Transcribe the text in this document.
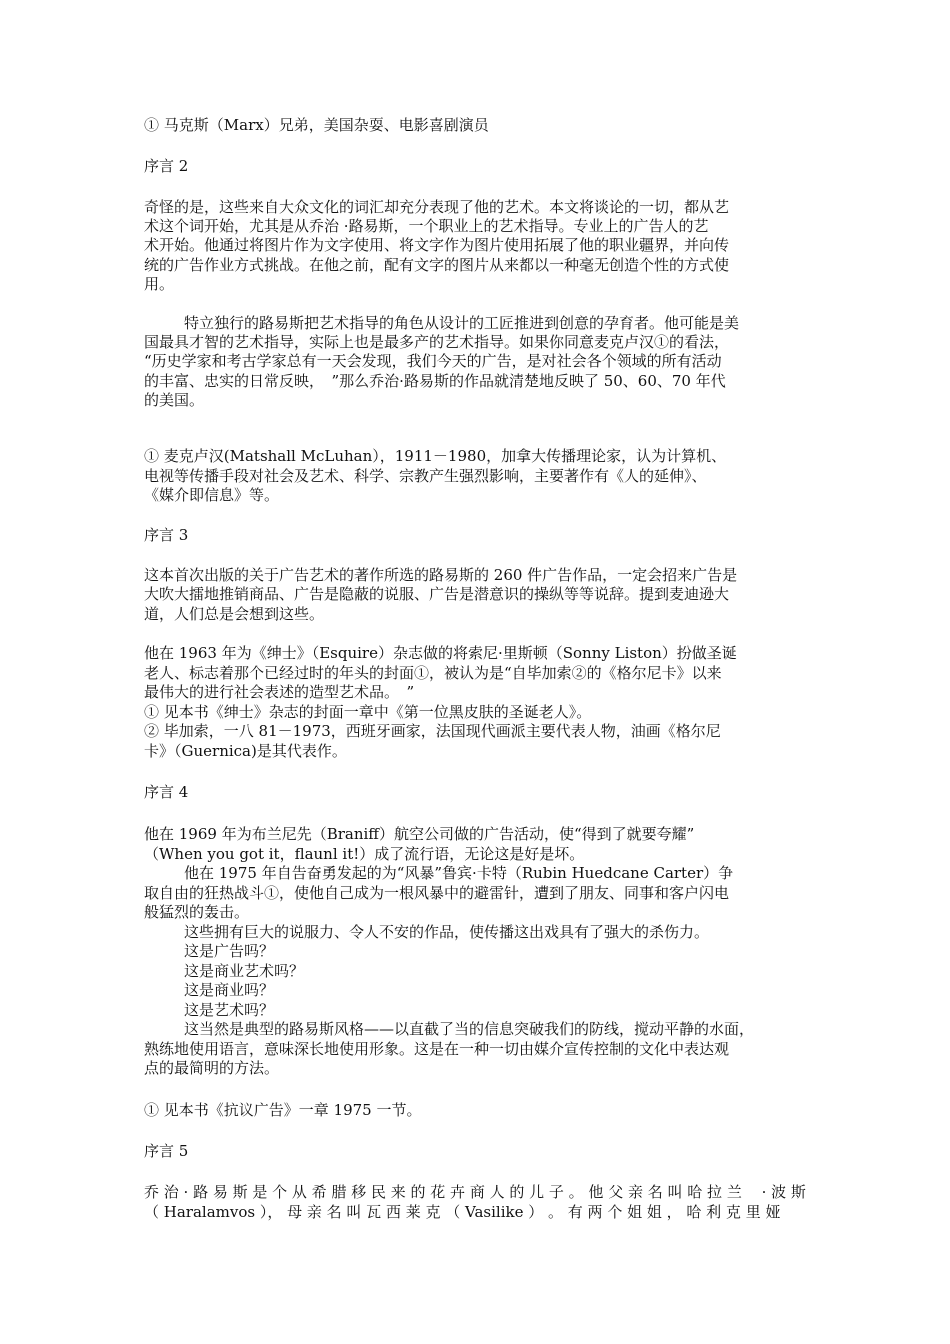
① 马克斯（Marx）兄弟，美国杂耍、电影喜剧演员
序言 2
奇怪的是，这些来自大众文化的词汇却充分表现了他的艺术。本文将谈论的一切，都从艺
术这个词开始，尤其是从乔治 ·路易斯，一个职业上的艺术指导。专业上的广告人的艺
术开始。他通过将图片作为文字使用、将文字作为图片使用拓展了他的职业疆界，并向传
统的广告作业方式挑战。在他之前，配有文字的图片从来都以一种毫无创造个性的方式使
用。
特立独行的路易斯把艺术指导的角色从设计的工匠推进到创意的孕育者。他可能是美
国最具才智的艺术指导，实际上也是最多产的艺术指导。如果你同意麦克卢汉①的看法，
“历史学家和考古学家总有一天会发现，我们今天的广告，是对社会各个领域的所有活动
的丰富、忠实的日常反映，　”那么乔治·路易斯的作品就清楚地反映了 50、60、70 年代
的美国。
① 麦克卢汉(Matshall McLuhan），1911－1980，加拿大传播理论家，认为计算机、
电视等传播手段对社会及艺术、科学、宗教产生强烈影响，主要著作有《人的延伸》、
《媒介即信息》等。
序言 3
这本首次出版的关于广告艺术的著作所选的路易斯的 260 件广告作品，一定会招来广告是
大吹大擂地推销商品、广告是隐蔽的说服、广告是潜意识的操纵等等说辞。提到麦迪逊大
道，人们总是会想到这些。
他在 1963 年为《绅士》（Esquire）杂志做的将索尼·里斯顿（Sonny Liston）扮做圣诞
老人、标志着那个已经过时的年头的封面①，被认为是“自毕加索②的《格尔尼卡》以来
最伟大的进行社会表述的造型艺术品。　”
① 见本书《绅士》杂志的封面一章中《第一位黑皮肤的圣诞老人》。
② 毕加索，一八 81－1973，西班牙画家，法国现代画派主要代表人物，油画《格尔尼
卡》（Guernica)是其代表作。
序言 4
他在 1969 年为布兰尼先（Braniff）航空公司做的广告活动，使“得到了就要夸耀”
（When you got it，flaunl it!）成了流行语，无论这是好是坏。
他在 1975 年自告奋勇发起的为“风暴”鲁宾·卡特（Rubin Huedcane Carter）争
取自由的狂热战斗①，使他自己成为一根风暴中的避雷针，遭到了朋友、同事和客户闪电
般猛烈的轰击。
这些拥有巨大的说服力、令人不安的作品，使传播这出戏具有了强大的杀伤力。
这是广告吗？
这是商业艺术吗？
这是商业吗？
这是艺术吗？
这当然是典型的路易斯风格——以直截了当的信息突破我们的防线，搅动平静的水面，
熟练地使用语言，意味深长地使用形象。这是在一种一切由媒介宣传控制的文化中表达观
点的最简明的方法。
① 见本书《抗议广告》一章 1975 一节。
序言 5
乔 治 · 路 易 斯 是 个 从 希 腊 移 民 来 的 花 卉 商 人 的 儿 子 。 他 父 亲 名 叫 哈 拉 兰　 · 波 斯
（ Haralamvos ）， 母 亲 名 叫 瓦 西 莱 克 （ Vasilike ） 。 有 两 个 姐 姐 ， 哈 利 克 里 娅
